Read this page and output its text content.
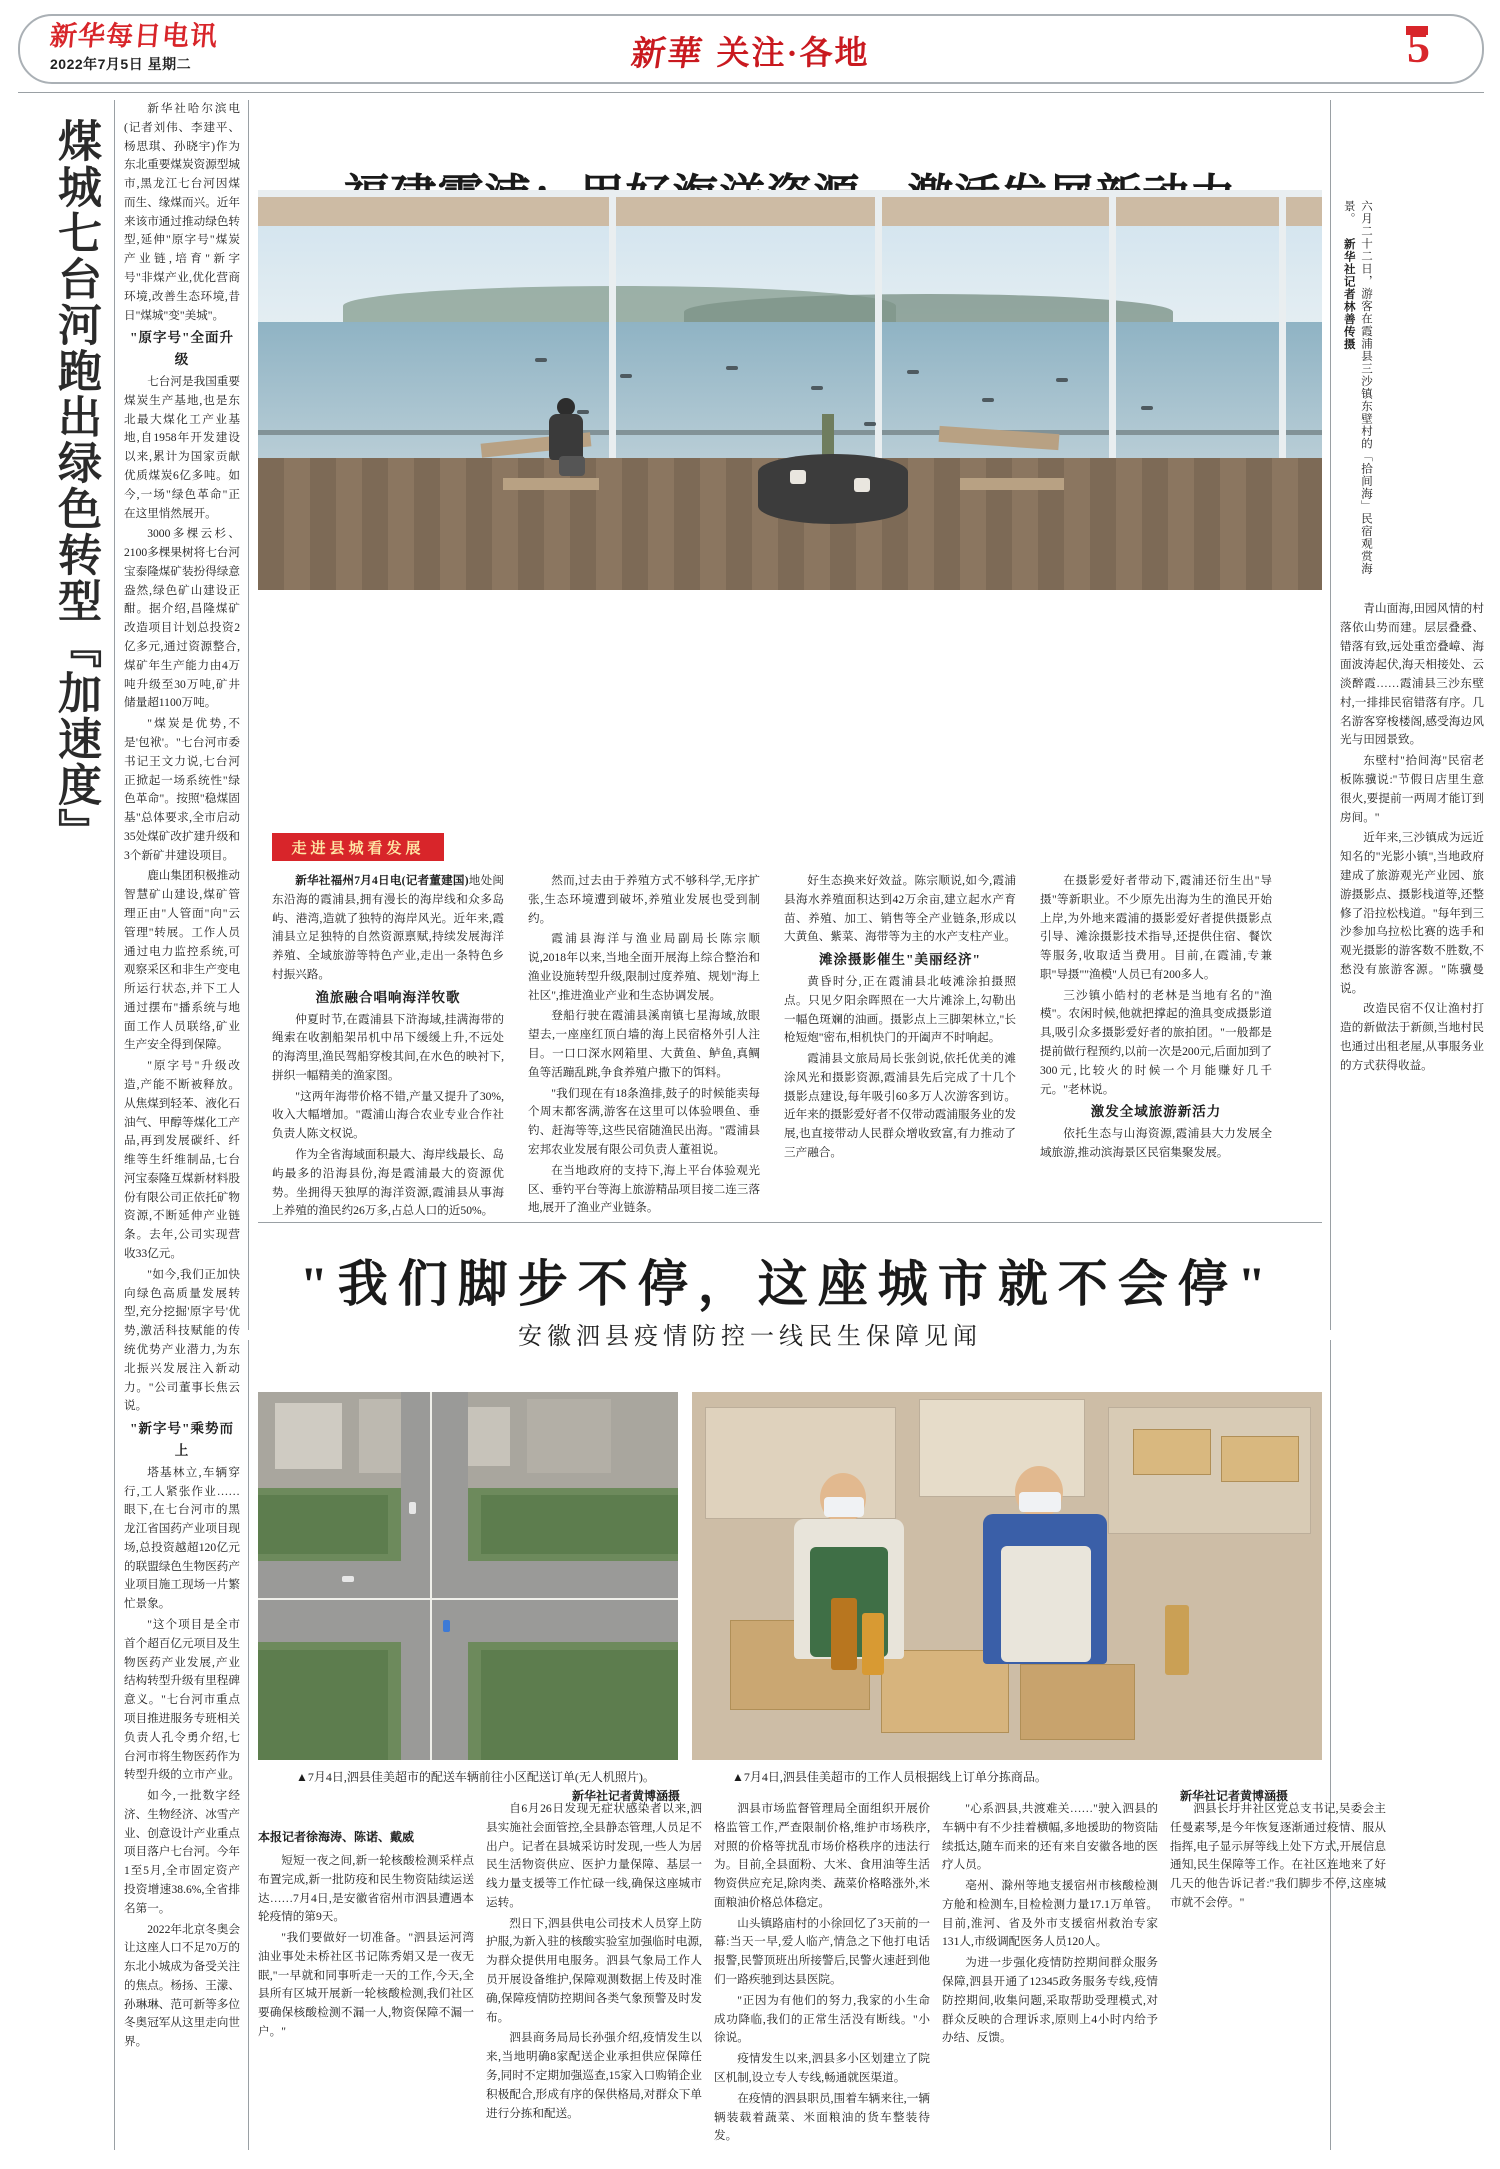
新华每日电讯
2022年7月5日 星期二	新華 关注·各地	5
煤城七台河跑出绿色转型『加速度』

新华社哈尔滨电(记者刘伟、李建平、杨思琪、孙晓宇)作为东北重要煤炭资源型城市,黑龙江七台河因煤而生、缘煤而兴。近年来该市通过推动绿色转型,延伸"原字号"煤炭产业链,培育"新字号"非煤产业,优化营商环境,改善生态环境,昔日"煤城"变"美城"。

"原字号"全面升级

七台河是我国重要煤炭生产基地,也是东北最大煤化工产业基地,自1958年开发建设以来,累计为国家贡献优质煤炭6亿多吨。如今,一场"绿色革命"正在这里悄然展开。

3000多棵云杉、2100多棵果树将七台河宝泰隆煤矿装扮得绿意盎然,绿色矿山建设正酣。据介绍,昌隆煤矿改造项目计划总投资2亿多元,通过资源整合,煤矿年生产能力由4万吨升级至30万吨,矿井储量超1100万吨。

"煤炭是优势,不是'包袱'。"七台河市委书记王文力说,七台河正掀起一场系统性"绿色革命"。按照"稳煤固基"总体要求,全市启动35处煤矿改扩建升级和3个新矿井建设项目。

鹿山集团积极推动智慧矿山建设,煤矿管理正由"人管面"向"云管理"转展。工作人员通过电力监控系统,可观察采区和非生产变电所运行状态,并下工人通过摆布"播系统与地面工作人员联络,矿业生产安全得到保障。

"原字号"升级改造,产能不断被释放。从焦煤到轻苯、液化石油气、甲醇等煤化工产品,再到发展碳纤、纤维等生纤维制品,七台河宝泰隆互煤新材料股份有限公司正依托矿物资源,不断延伸产业链条。去年,公司实现营收33亿元。

"如今,我们正加快向绿色高质量发展转型,充分挖掘'原字号'优势,激活科技赋能的传统优势产业潜力,为东北振兴发展注入新动力。"公司董事长焦云说。

"新字号"乘势而上

塔基林立,车辆穿行,工人紧张作业……眼下,在七台河市的黑龙江省国药产业项目现场,总投资越超120亿元的联盟绿色生物医药产业项目施工现场一片繁忙景象。

"这个项目是全市首个超百亿元项目及生物医药产业发展,产业结构转型升级有里程碑意义。"七台河市重点项目推进服务专班相关负责人孔令勇介绍,七台河市将生物医药作为转型升级的立市产业。

如今,一批数字经济、生物经济、冰雪产业、创意设计产业重点项目落户七台河。今年1至5月,全市固定资产投资增速38.6%,全省排名第一。

2022年北京冬奥会让这座人口不足70万的东北小城成为备受关注的焦点。杨扬、王濛、孙琳琳、范可新等多位冬奥冠军从这里走向世界。

六月二十二日，游客在霞浦县三沙镇东壁村的「拾间海」民宿观赏海景。 新华社记者林善传摄
走进县城看发展

新华社福州7月4日电(记者董建国)地处闽东沿海的霞浦县,拥有漫长的海岸线和众多岛屿、港湾,造就了独特的海岸风光。近年来,霞浦县立足独特的自然资源禀赋,持续发展海洋养殖、全域旅游等特色产业,走出一条特色乡村振兴路。

渔旅融合唱响海洋牧歌

仲夏时节,在霞浦县下浒海域,挂满海带的绳索在收割船架吊机中吊下缓缓上升,不远处的海湾里,渔民驾船穿梭其间,在水色的映衬下,拼织一幅精美的渔家图。

"这两年海带价格不错,产量又提升了30%,收入大幅增加。"霞浦山海合农业专业合作社负责人陈文权说。

作为全省海域面积最大、海岸线最长、岛屿最多的沿海县份,海是霞浦最大的资源优势。坐拥得天独厚的海洋资源,霞浦县从事海上养殖的渔民约26万多,占总人口的近50%。

然而,过去由于养殖方式不够科学,无序扩张,生态环境遭到破坏,养殖业发展也受到制约。

霞浦县海洋与渔业局副局长陈宗顺说,2018年以来,当地全面开展海上综合整治和渔业设施转型升级,限制过度养殖、规划"海上社区",推进渔业产业和生态协调发展。

登船行驶在霞浦县溪南镇七星海域,放眼望去,一座座红顶白墙的海上民宿格外引人注目。一口口深水网箱里、大黄鱼、鲈鱼,真鲷鱼等活蹦乱跳,争食养殖户撒下的饵料。

"我们现在有18条渔排,鼓子的时候能卖每个周末都客满,游客在这里可以体验喂鱼、垂钓、赶海等等,这些民宿随渔民出海。"霞浦县宏邦农业发展有限公司负责人董祖说。

在当地政府的支持下,海上平台体验观光区、垂钓平台等海上旅游精品项目接二连三落地,展开了渔业产业链条。

好生态换来好效益。陈宗顺说,如今,霞浦县海水养殖面积达到42万余亩,建立起水产育苗、养殖、加工、销售等全产业链条,形成以大黄鱼、紫菜、海带等为主的水产支柱产业。

滩涂摄影催生"美丽经济"

黄昏时分,正在霞浦县北岐滩涂拍摄照点。只见夕阳余晖照在一大片滩涂上,勾勒出一幅色斑斓的油画。摄影点上三脚架林立,"长枪短炮"密布,相机快门的开阖声不时响起。

霞浦县文旅局局长张剑说,依托优美的滩涂风光和摄影资源,霞浦县先后完成了十几个摄影点建设,每年吸引60多万人次游客到访。近年来的摄影爱好者不仅带动霞浦服务业的发展,也直接带动人民群众增收致富,有力推动了三产融合。

在摄影爱好者带动下,霞浦还衍生出"导摄"等新职业。不少原先出海为生的渔民开始上岸,为外地来霞浦的摄影爱好者提供摄影点引导、滩涂摄影技术指导,还提供住宿、餐饮等服务,收取适当费用。目前,在霞浦,专兼职"导摄""渔模"人员已有200多人。

三沙镇小皓村的老林是当地有名的"渔模"。农闲时候,他就把撑起的渔具变成摄影道具,吸引众多摄影爱好者的旅拍团。"一般都是提前做行程预约,以前一次是200元,后面加到了300元,比较火的时候一个月能赚好几千元。"老林说。

激发全域旅游新活力

依托生态与山海资源,霞浦县大力发展全域旅游,推动滨海景区民宿集聚发展。

青山面海,田园风情的村落依山势而建。层层叠叠、错落有致,远处重峦叠嶂、海面波涛起伏,海天相接处、云淡醉霞……霞浦县三沙东壁村,一排排民宿错落有序。几名游客穿梭楼阁,感受海边风光与田园景致。

东壁村"拾间海"民宿老板陈骥说:"节假日店里生意很火,要提前一两周才能订到房间。"

近年来,三沙镇成为远近知名的"光影小镇",当地政府建成了旅游观光产业园、旅游摄影点、摄影栈道等,还整修了沿拉松栈道。"每年到三沙参加乌拉松比赛的选手和观光摄影的游客数不胜数,不愁没有旅游客源。"陈骥曼说。

改造民宿不仅让渔村打造的新做法于新颜,当地村民也通过出租老屋,从事服务业的方式获得收益。

"我们脚步不停，这座城市就不会停"
安徽泗县疫情防控一线民生保障见闻
▲7月4日,泗县佳美超市的配送车辆前往小区配送订单(无人机照片)。
新华社记者黄博涵摄
▲7月4日,泗县佳美超市的工作人员根据线上订单分拣商品。
新华社记者黄博涵摄
本报记者徐海涛、陈诺、戴威

短短一夜之间,新一轮核酸检测采样点布置完成,新一批防疫和民生物资陆续运送达……7月4日,是安徽省宿州市泗县遭遇本轮疫情的第9天。

"我们要做好一切准备。"泗县运河湾油业事处未桥社区书记陈秀娟又是一夜无眠,"一早就和同事听走一天的工作,今天,全县所有区城开展新一轮核酸检测,我们社区要确保核酸检测不漏一人,物资保障不漏一户。"

自6月26日发现无症状感染者以来,泗县实施社会面管控,全县静态管理,人员足不出户。记者在县城采访时发现,一些人为居民生活物资供应、医护力量保障、基层一线力量支援等工作忙碌一线,确保这座城市运转。

烈日下,泗县供电公司技术人员穿上防护服,为新入驻的核酸实验室加强临时电源,为群众提供用电服务。泗县气象局工作人员开展设备维护,保障观测数据上传及时准确,保障疫情防控期间各类气象预警及时发布。

泗县商务局局长孙强介绍,疫情发生以来,当地明确8家配送企业承担供应保障任务,同时不定期加强巡查,15家入口购销企业积极配合,形成有序的保供格局,对群众下单进行分拣和配送。

泗县市场监督管理局全面组织开展价格监管工作,严查限制价格,维护市场秩序,对照的价格等扰乱市场价格秩序的违法行为。目前,全县面粉、大米、食用油等生活物资供应充足,除肉类、蔬菜价格略涨外,米面粮油价格总体稳定。

山头镇路庙村的小徐回忆了3天前的一幕:当天一早,爱人临产,情急之下他打电话报警,民警顶班出所接警后,民警火速赶到他们一路疾驰到达县医院。

"正因为有他们的努力,我家的小生命成功降临,我们的正常生活没有断线。"小徐说。

疫情发生以来,泗县多小区划建立了院区机制,设立专人专线,畅通就医渠道。

在疫情的泗县职员,围着车辆来往,一辆辆装载着蔬菜、米面粮油的货车整装待发。

"心系泗县,共渡难关……"驶入泗县的车辆中有不少挂着横幅,多地援助的物资陆续抵达,随车而来的还有来自安徽各地的医疗人员。

亳州、滁州等地支援宿州市核酸检测方舱和检测车,目检检测力量17.1万单管。目前,淮河、省及外市支援宿州救治专家131人,市级调配医务人员120人。

为进一步强化疫情防控期间群众服务保障,泗县开通了12345政务服务专线,疫情防控期间,收集问题,采取帮助受理模式,对群众反映的合理诉求,原则上4小时内给予办结、反馈。

泗县长圩井社区党总支书记,吴委会主任曼素琴,是今年恢复逐渐通过疫情、服从指挥,电子显示屏等线上处下方式,开展信息通知,民生保障等工作。在社区连地来了好几天的他告诉记者:"我们脚步不停,这座城市就不会停。"
